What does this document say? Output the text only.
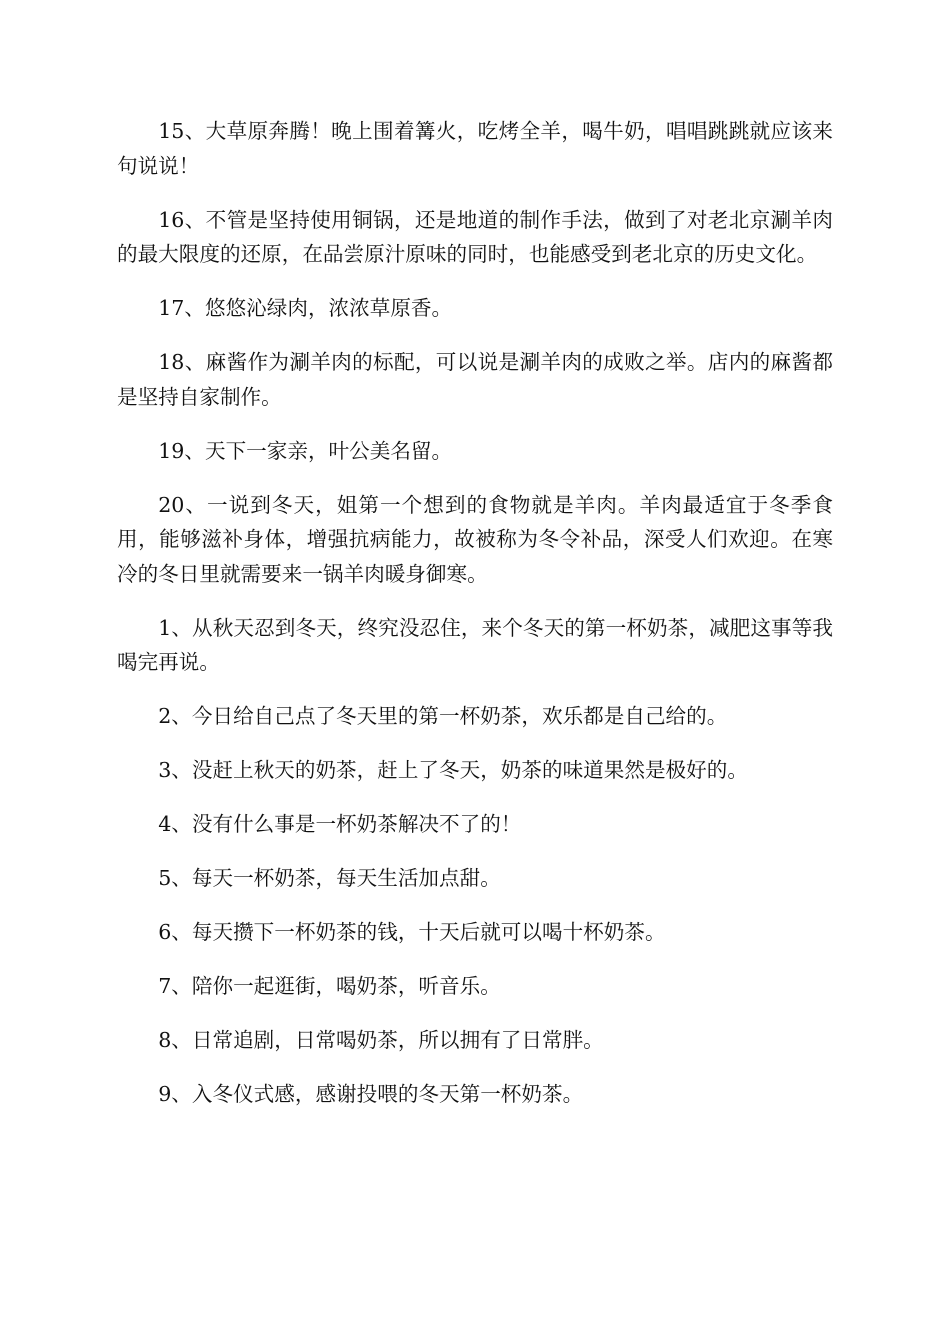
15、大草原奔腾！晚上围着篝火，吃烤全羊，喝牛奶，唱唱跳跳就应该来句说说！

16、不管是坚持使用铜锅，还是地道的制作手法，做到了对老北京涮羊肉的最大限度的还原，在品尝原汁原味的同时，也能感受到老北京的历史文化。

17、悠悠沁绿肉，浓浓草原香。

18、麻酱作为涮羊肉的标配，可以说是涮羊肉的成败之举。店内的麻酱都是坚持自家制作。

19、天下一家亲，叶公美名留。

20、一说到冬天，姐第一个想到的食物就是羊肉。羊肉最适宜于冬季食用，能够滋补身体，增强抗病能力，故被称为冬令补品，深受人们欢迎。在寒冷的冬日里就需要来一锅羊肉暖身御寒。

1、从秋天忍到冬天，终究没忍住，来个冬天的第一杯奶茶，减肥这事等我喝完再说。

2、今日给自己点了冬天里的第一杯奶茶，欢乐都是自己给的。

3、没赶上秋天的奶茶，赶上了冬天，奶茶的味道果然是极好的。

4、没有什么事是一杯奶茶解决不了的！

5、每天一杯奶茶，每天生活加点甜。

6、每天攒下一杯奶茶的钱，十天后就可以喝十杯奶茶。

7、陪你一起逛街，喝奶茶，听音乐。

8、日常追剧，日常喝奶茶，所以拥有了日常胖。

9、入冬仪式感，感谢投喂的冬天第一杯奶茶。
